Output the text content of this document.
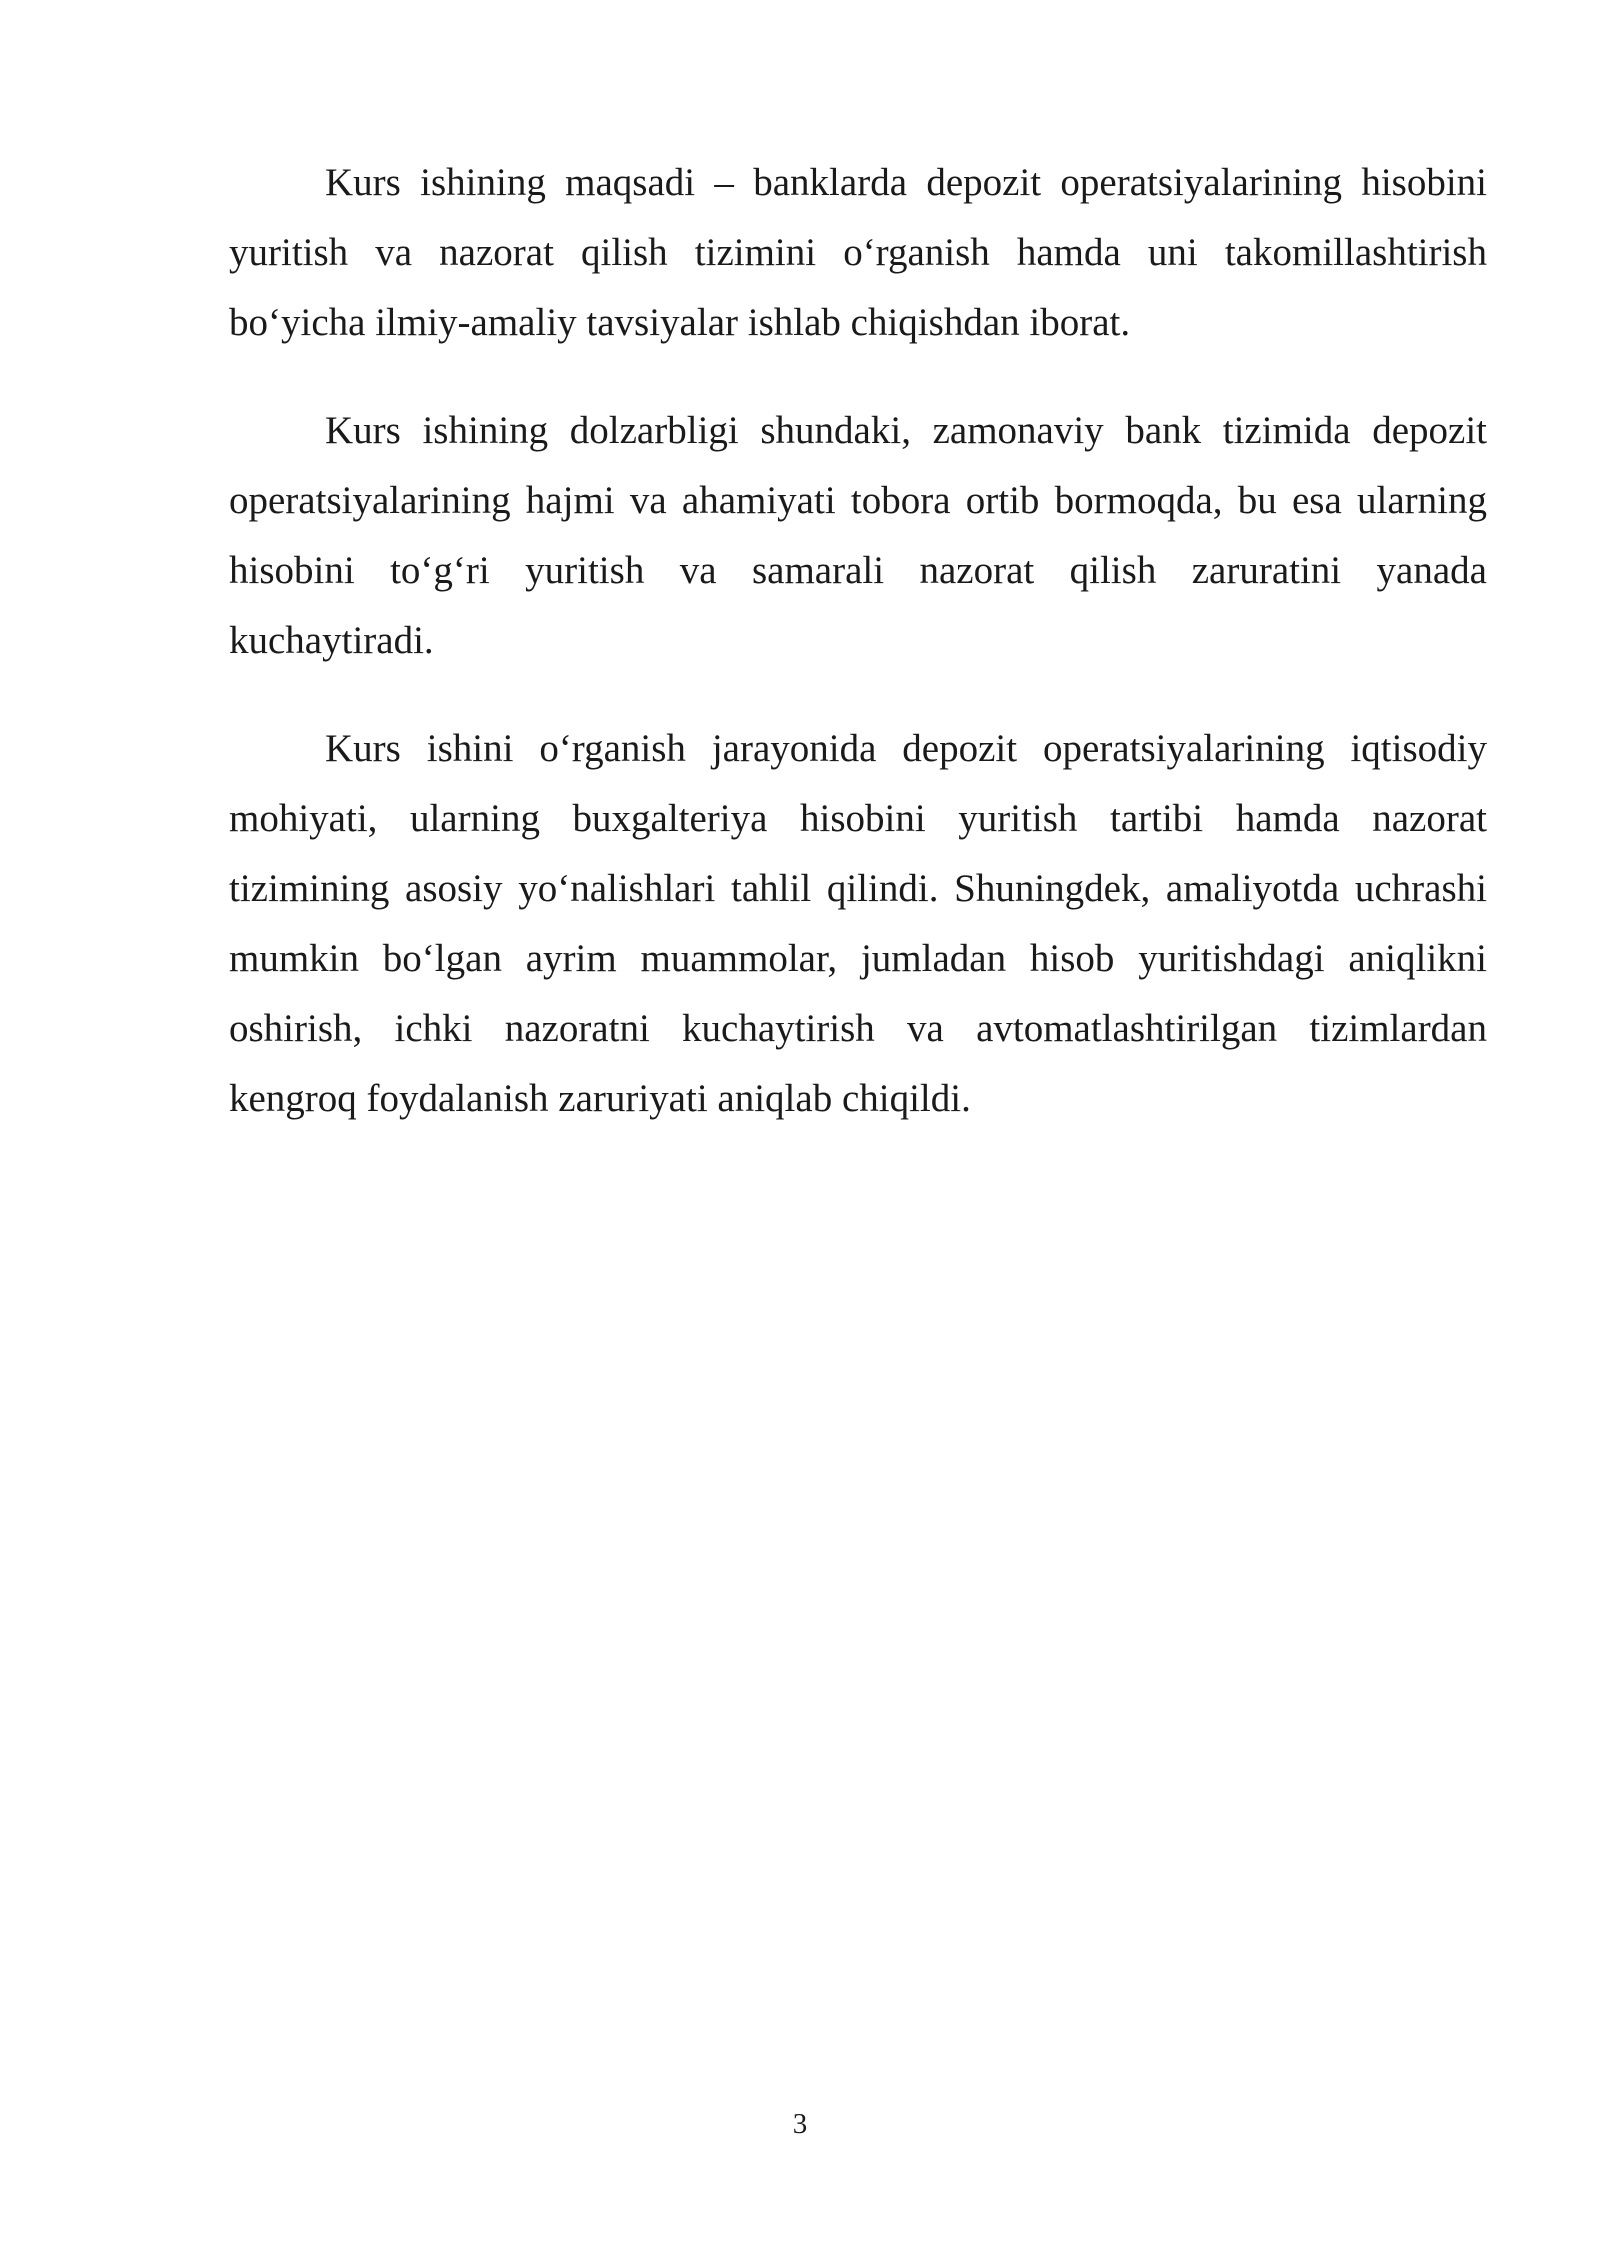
Kurs ishining maqsadi – banklarda depozit operatsiyalarining hisobini yuritish va nazorat qilish tizimini o‘rganish hamda uni takomillashtirish bo‘yicha ilmiy-amaliy tavsiyalar ishlab chiqishdan iborat.

Kurs ishining dolzarbligi shundaki, zamonaviy bank tizimida depozit operatsiyalarining hajmi va ahamiyati tobora ortib bormoqda, bu esa ularning hisobini to‘g‘ri yuritish va samarali nazorat qilish zaruratini yanada kuchaytiradi.

Kurs ishini o‘rganish jarayonida depozit operatsiyalarining iqtisodiy mohiyati, ularning buxgalteriya hisobini yuritish tartibi hamda nazorat tizimining asosiy yo‘nalishlari tahlil qilindi. Shuningdek, amaliyotda uchrashi mumkin bo‘lgan ayrim muammolar, jumladan hisob yuritishdagi aniqlikni oshirish, ichki nazoratni kuchaytirish va avtomatlashtirilgan tizimlardan kengroq foydalanish zaruriyati aniqlab chiqildi.

3
